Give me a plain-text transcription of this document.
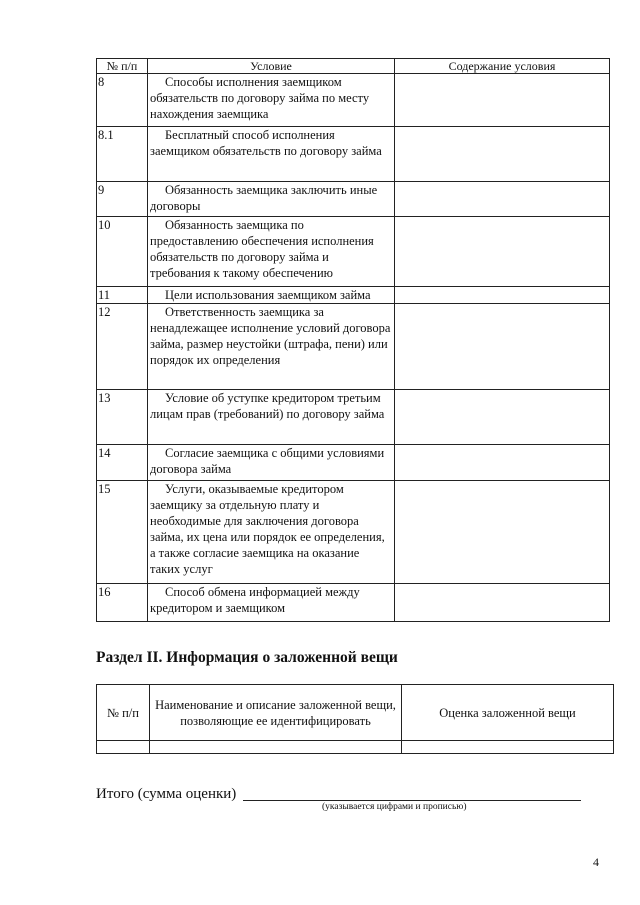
№ п/п	Условие	Содержание условия
8	Способы исполнения заемщиком обязательств по договору займа по месту нахождения заемщика	
8.1	Бесплатный способ исполнения заемщиком обязательств по договору займа	
9	Обязанность заемщика заключить иные договоры	
10	Обязанность заемщика по предоставлению обеспечения исполнения обязательств по договору займа и требования к такому обеспечению	
11	Цели использования заемщиком займа	
12	Ответственность заемщика за ненадлежащее исполнение условий договора займа, размер неустойки (штрафа, пени) или порядок их определения	
13	Условие об уступке кредитором третьим лицам прав (требований) по договору займа	
14	Согласие заемщика с общими условиями договора займа	
15	Услуги, оказываемые кредитором заемщику за отдельную плату и необходимые для заключения договора займа, их цена или порядок ее определения, а также согласие заемщика на оказание таких услуг	
16	Способ обмена информацией между кредитором и заемщиком	
Раздел II. Информация о заложенной вещи
№ п/п	Наименование и описание заложенной вещи, позволяющие ее идентифицировать	Оценка заложенной вещи

Итого (сумма оценки)
(указывается цифрами и прописью)
4
